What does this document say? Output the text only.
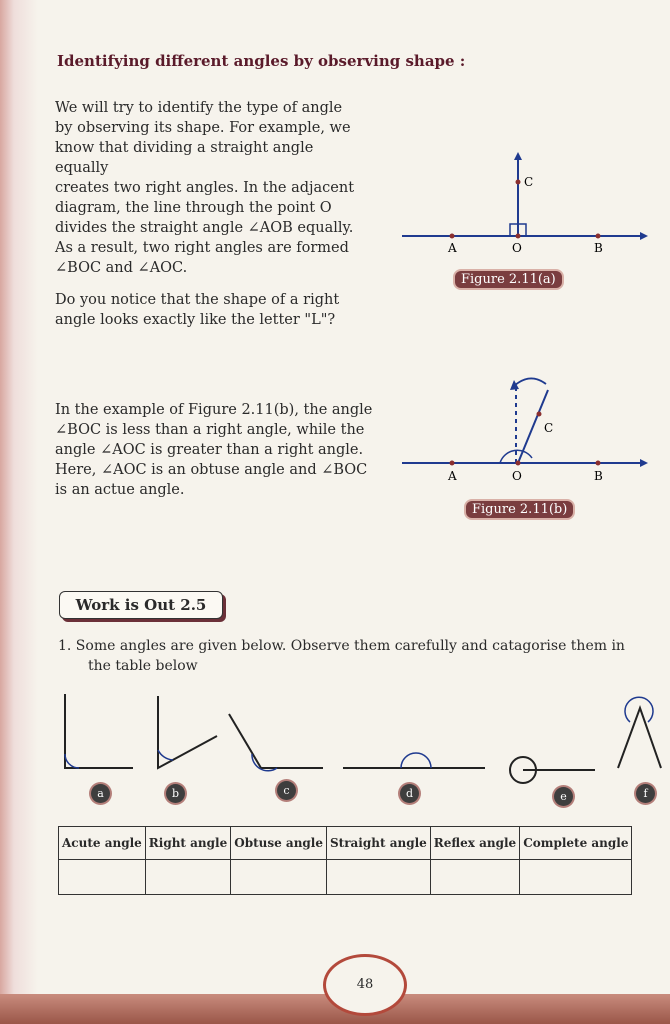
Identifying different angles by observing shape :

We will try to identify the type of angle

by observing its shape. For example, we

know that dividing a straight angle equally

creates two right angles. In the adjacent

diagram, the line through the point O

divides the straight angle ∠AOB equally.

As a result, two right angles are formed

∠BOC and ∠AOC.

Do you notice that the shape of a right

angle looks exactly like the letter "L"?

In the example of Figure 2.11(b), the angle

∠BOC is less than a right angle, while the

angle ∠AOC is greater than a right angle.

Here, ∠AOC is an obtuse angle and ∠BOC

is an actue angle.

A	O	B
C
Figure 2.11(a)
A	O	B
C
Figure 2.11(b)
Work is Out 2.5

1. Some angles are given below. Observe them carefully and catagorise them in

the table below

a	b	c	d	e	f
Acute angle	Right angle	Obtuse angle	Straight angle	Reflex angle	Complete angle

48
